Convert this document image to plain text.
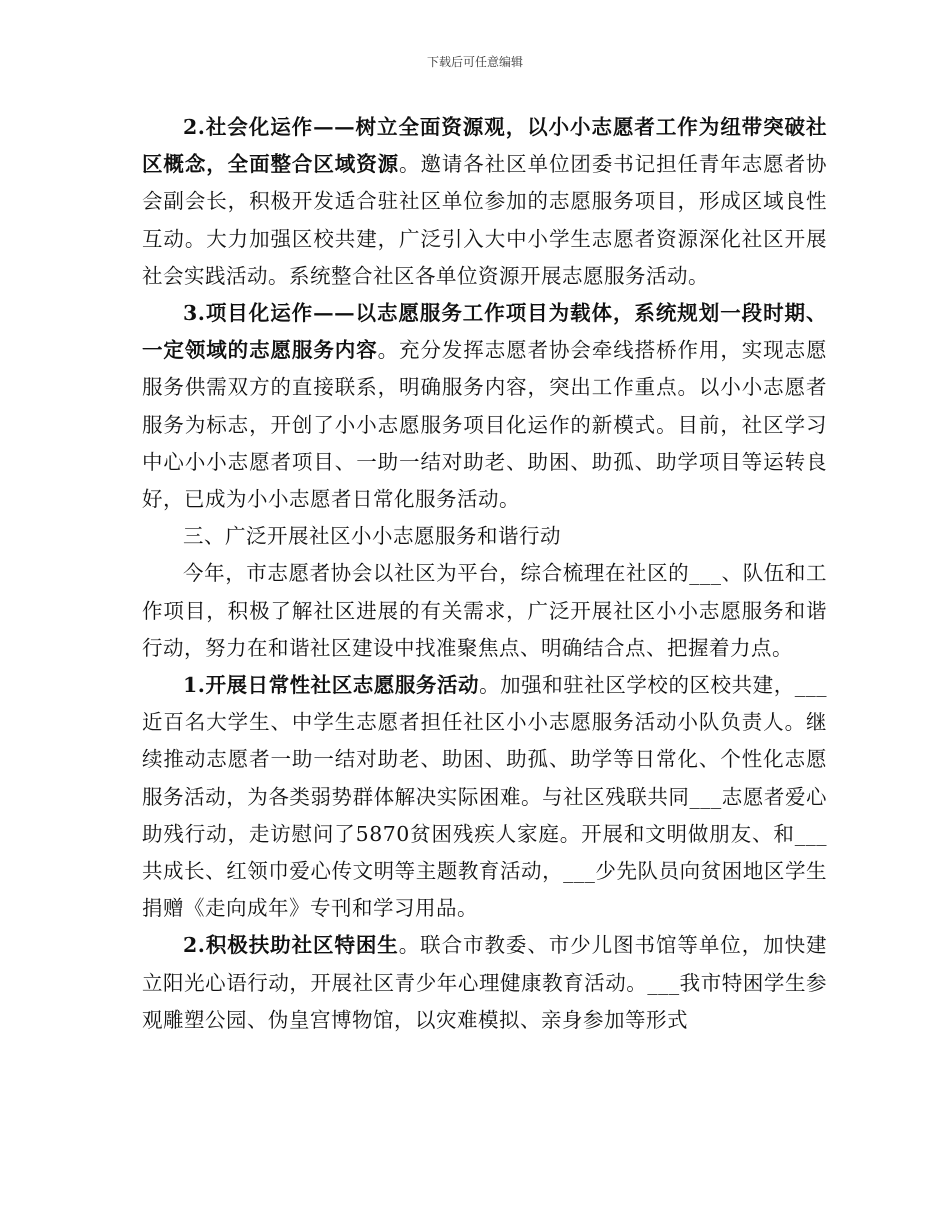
下载后可任意编辑

2.社会化运作——树立全面资源观，以小小志愿者工作为纽带突破社区概念，全面整合区域资源。邀请各社区单位团委书记担任青年志愿者协会副会长，积极开发适合驻社区单位参加的志愿服务项目，形成区域良性互动。大力加强区校共建，广泛引入大中小学生志愿者资源深化社区开展社会实践活动。系统整合社区各单位资源开展志愿服务活动。

3.项目化运作——以志愿服务工作项目为载体，系统规划一段时期、一定领域的志愿服务内容。充分发挥志愿者协会牵线搭桥作用，实现志愿服务供需双方的直接联系，明确服务内容，突出工作重点。以小小志愿者服务为标志，开创了小小志愿服务项目化运作的新模式。目前，社区学习中心小小志愿者项目、一助一结对助老、助困、助孤、助学项目等运转良好，已成为小小志愿者日常化服务活动。

三、广泛开展社区小小志愿服务和谐行动

今年，市志愿者协会以社区为平台，综合梳理在社区的___、队伍和工作项目，积极了解社区进展的有关需求，广泛开展社区小小志愿服务和谐行动，努力在和谐社区建设中找准聚焦点、明确结合点、把握着力点。

1.开展日常性社区志愿服务活动。加强和驻社区学校的区校共建，___近百名大学生、中学生志愿者担任社区小小志愿服务活动小队负责人。继续推动志愿者一助一结对助老、助困、助孤、助学等日常化、个性化志愿服务活动，为各类弱势群体解决实际困难。与社区残联共同___志愿者爱心助残行动，走访慰问了5870贫困残疾人家庭。开展和文明做朋友、和___共成长、红领巾爱心传文明等主题教育活动，___少先队员向贫困地区学生捐赠《走向成年》专刊和学习用品。

2.积极扶助社区特困生。联合市教委、市少儿图书馆等单位，加快建立阳光心语行动，开展社区青少年心理健康教育活动。___我市特困学生参观雕塑公园、伪皇宫博物馆，以灾难模拟、亲身参加等形式
